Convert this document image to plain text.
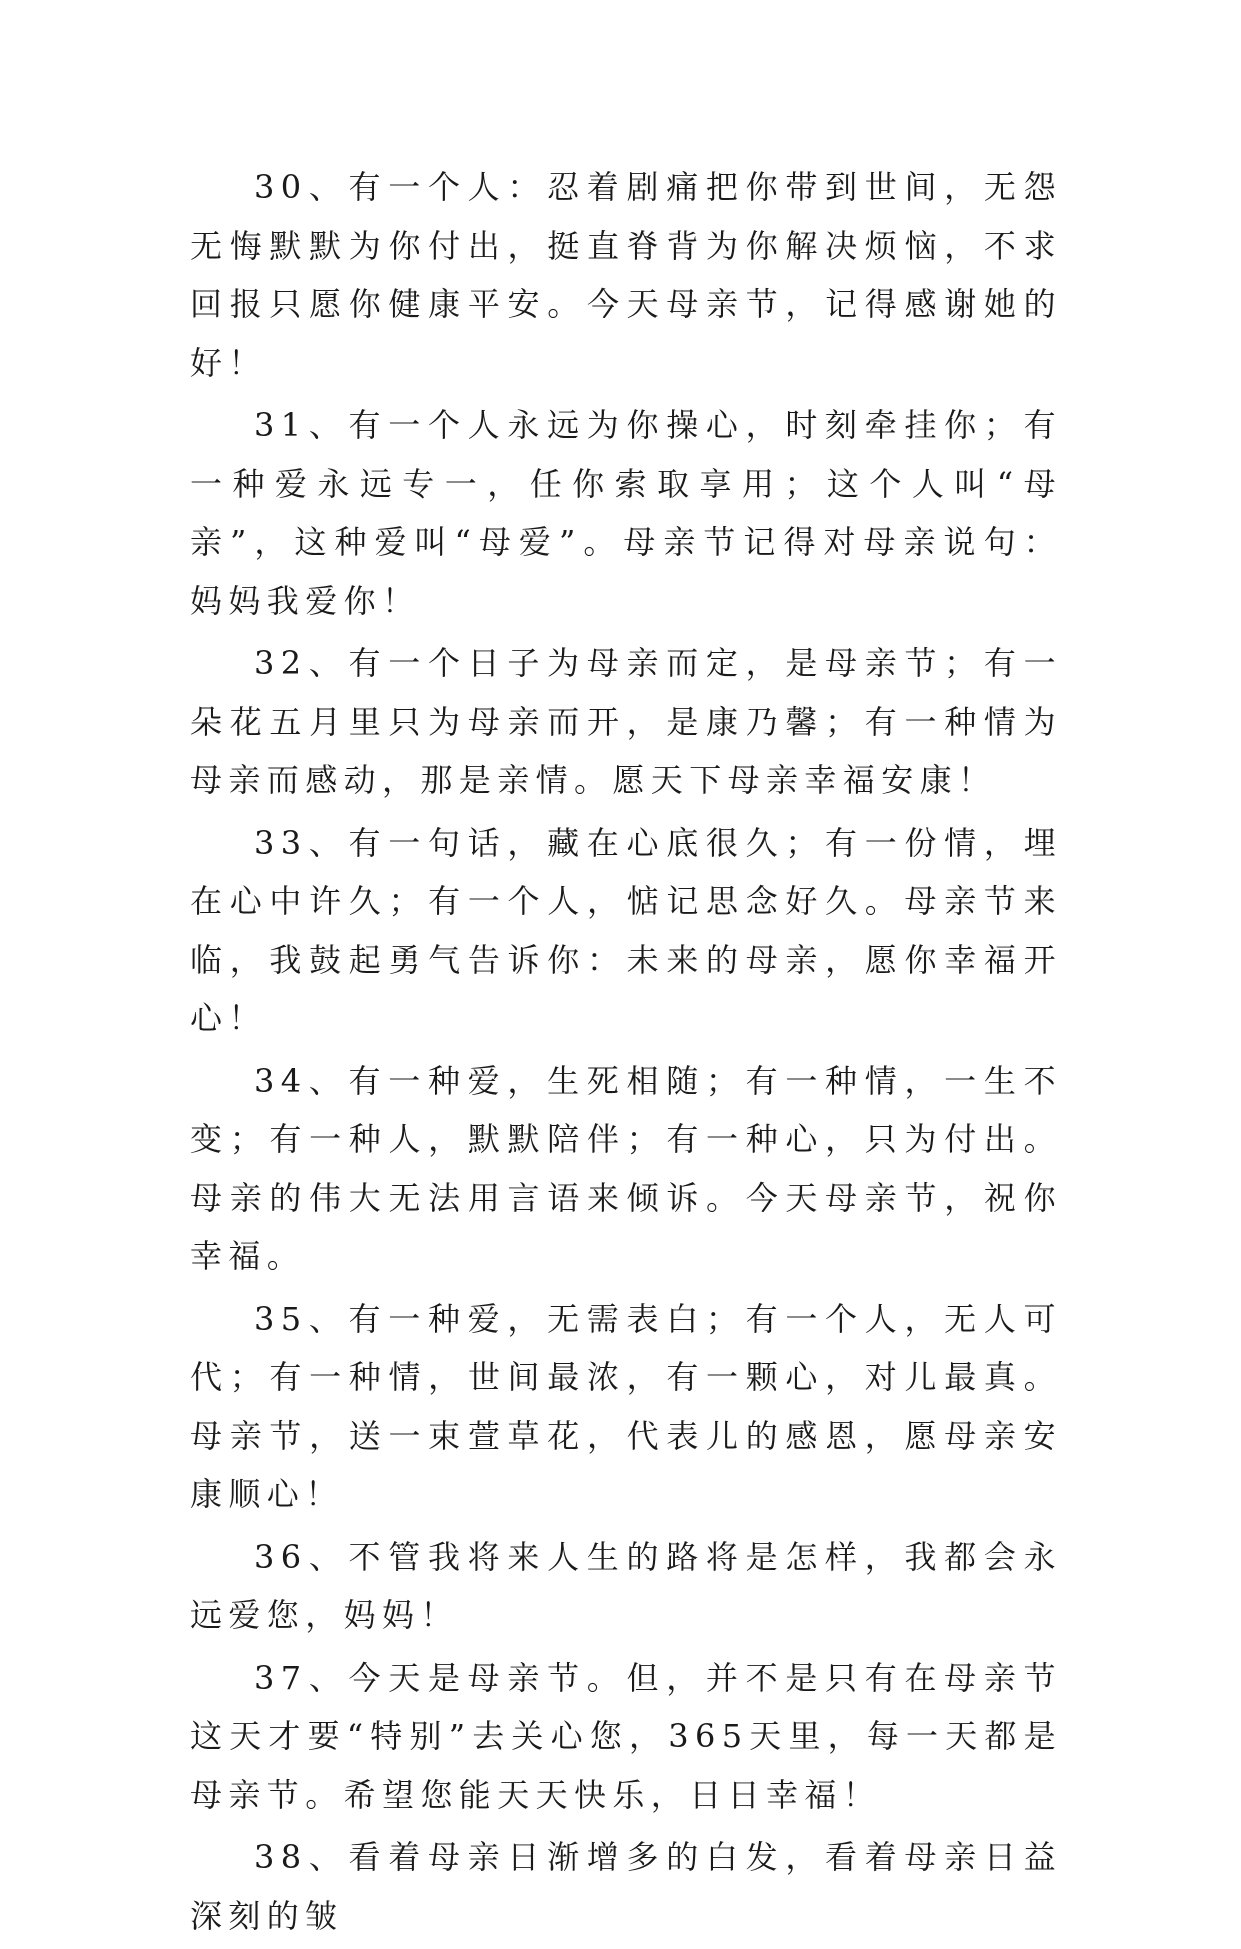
30、有一个人：忍着剧痛把你带到世间，无怨无悔默默为你付出，挺直脊背为你解决烦恼，不求回报只愿你健康平安。今天母亲节，记得感谢她的好！

31、有一个人永远为你操心，时刻牵挂你；有一种爱永远专一，任你索取享用；这个人叫“母亲”，这种爱叫“母爱”。母亲节记得对母亲说句：妈妈我爱你！

32、有一个日子为母亲而定，是母亲节；有一朵花五月里只为母亲而开，是康乃馨；有一种情为母亲而感动，那是亲情。愿天下母亲幸福安康！

33、有一句话，藏在心底很久；有一份情，埋在心中许久；有一个人，惦记思念好久。母亲节来临，我鼓起勇气告诉你：未来的母亲，愿你幸福开心！

34、有一种爱，生死相随；有一种情，一生不变；有一种人，默默陪伴；有一种心，只为付出。母亲的伟大无法用言语来倾诉。今天母亲节，祝你幸福。

35、有一种爱，无需表白；有一个人，无人可代；有一种情，世间最浓，有一颗心，对儿最真。母亲节，送一束萱草花，代表儿的感恩，愿母亲安康顺心！

36、不管我将来人生的路将是怎样，我都会永远爱您，妈妈！

37、今天是母亲节。但，并不是只有在母亲节这天才要“特别”去关心您，365天里，每一天都是母亲节。希望您能天天快乐，日日幸福！

38、看着母亲日渐增多的白发，看着母亲日益深刻的皱
